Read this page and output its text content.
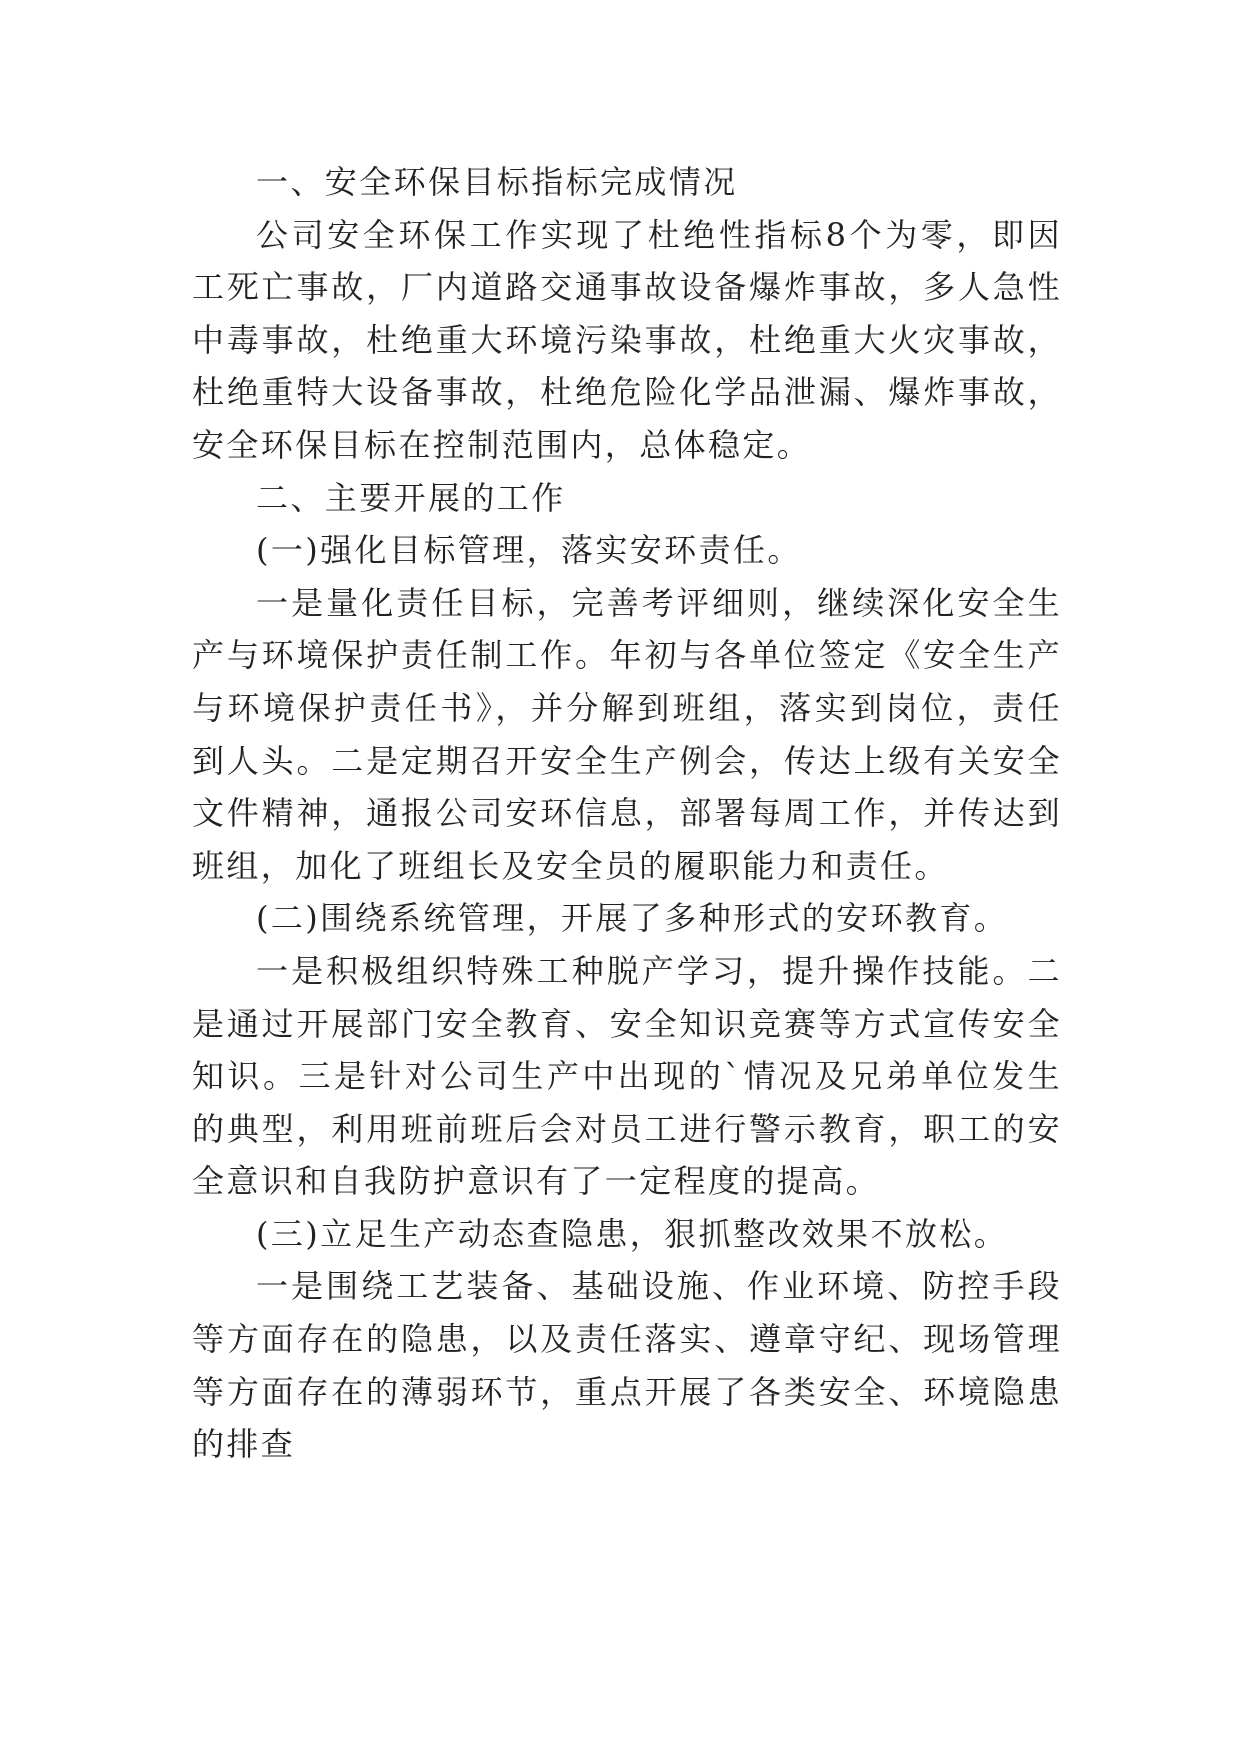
一、安全环保目标指标完成情况

公司安全环保工作实现了杜绝性指标8个为零，即因工死亡事故，厂内道路交通事故设备爆炸事故，多人急性中毒事故，杜绝重大环境污染事故，杜绝重大火灾事故，杜绝重特大设备事故，杜绝危险化学品泄漏、爆炸事故，安全环保目标在控制范围内，总体稳定。

二、主要开展的工作

(一)强化目标管理，落实安环责任。

一是量化责任目标，完善考评细则，继续深化安全生产与环境保护责任制工作。年初与各单位签定《安全生产与环境保护责任书》，并分解到班组，落实到岗位，责任到人头。二是定期召开安全生产例会，传达上级有关安全文件精神，通报公司安环信息，部署每周工作，并传达到班组，加化了班组长及安全员的履职能力和责任。

(二)围绕系统管理，开展了多种形式的安环教育。

一是积极组织特殊工种脱产学习，提升操作技能。二是通过开展部门安全教育、安全知识竞赛等方式宣传安全知识。三是针对公司生产中出现的`情况及兄弟单位发生的典型，利用班前班后会对员工进行警示教育，职工的安全意识和自我防护意识有了一定程度的提高。

(三)立足生产动态查隐患，狠抓整改效果不放松。

一是围绕工艺装备、基础设施、作业环境、防控手段等方面存在的隐患，以及责任落实、遵章守纪、现场管理等方面存在的薄弱环节，重点开展了各类安全、环境隐患的排查
